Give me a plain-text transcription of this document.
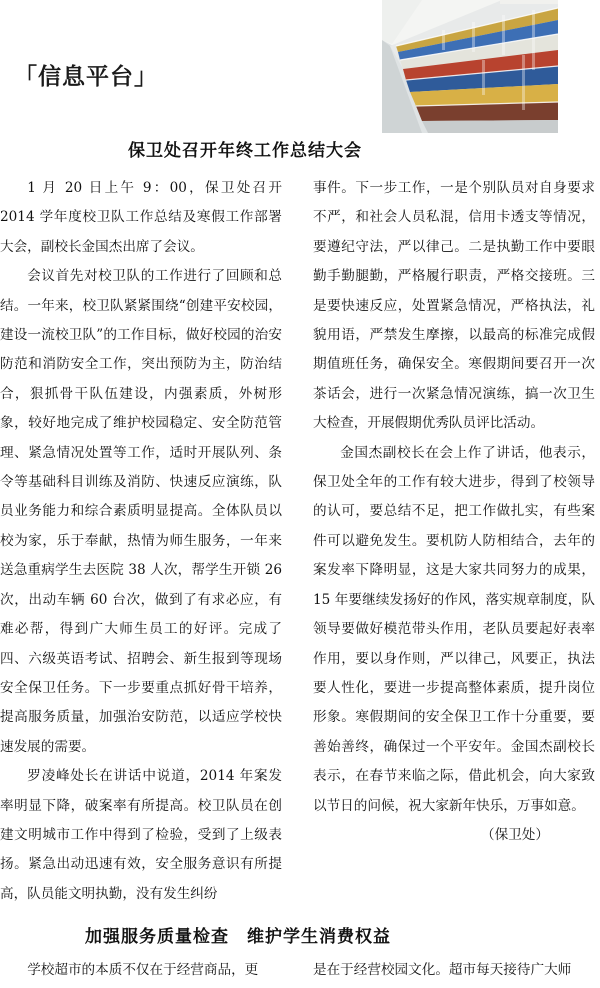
「信息平台」
保卫处召开年终工作总结大会

1 月 20 日上午 9：00，保卫处召开 2014 学年度校卫队工作总结及寒假工作部署大会，副校长金国杰出席了会议。

会议首先对校卫队的工作进行了回顾和总结。一年来，校卫队紧紧围绕“创建平安校园，建设一流校卫队”的工作目标，做好校园的治安防范和消防安全工作，突出预防为主，防治结合，狠抓骨干队伍建设，内强素质，外树形象，较好地完成了维护校园稳定、安全防范管理、紧急情况处置等工作，适时开展队列、条令等基础科目训练及消防、快速反应演练，队员业务能力和综合素质明显提高。全体队员以校为家，乐于奉献，热情为师生服务，一年来送急重病学生去医院 38 人次，帮学生开锁 26 次，出动车辆 60 台次，做到了有求必应，有难必帮，得到广大师生员工的好评。完成了四、六级英语考试、招聘会、新生报到等现场安全保卫任务。下一步要重点抓好骨干培养，提高服务质量，加强治安防范，以适应学校快速发展的需要。

罗凌峰处长在讲话中说道，2014 年案发率明显下降，破案率有所提高。校卫队员在创建文明城市工作中得到了检验，受到了上级表扬。紧急出动迅速有效，安全服务意识有所提高，队员能文明执勤，没有发生纠纷

事件。下一步工作，一是个别队员对自身要求不严，和社会人员私混，信用卡透支等情况，要遵纪守法，严以律己。二是执勤工作中要眼勤手勤腿勤，严格履行职责，严格交接班。三是要快速反应，处置紧急情况，严格执法，礼貌用语，严禁发生摩擦，以最高的标准完成假期值班任务，确保安全。寒假期间要召开一次茶话会，进行一次紧急情况演练，搞一次卫生大检查，开展假期优秀队员评比活动。

金国杰副校长在会上作了讲话，他表示，保卫处全年的工作有较大进步，得到了校领导的认可，要总结不足，把工作做扎实，有些案件可以避免发生。要机防人防相结合，去年的案发率下降明显，这是大家共同努力的成果，15 年要继续发扬好的作风，落实规章制度，队领导要做好模范带头作用，老队员要起好表率作用，要以身作则，严以律己，风要正，执法要人性化，要进一步提高整体素质，提升岗位形象。寒假期间的安全保卫工作十分重要，要善始善终，确保过一个平安年。金国杰副校长表示，在春节来临之际，借此机会，向大家致以节日的问候，祝大家新年快乐，万事如意。

（保卫处）

加强服务质量检查　维护学生消费权益

学校超市的本质不仅在于经营商品，更	是在于经营校园文化。超市每天接待广大师
